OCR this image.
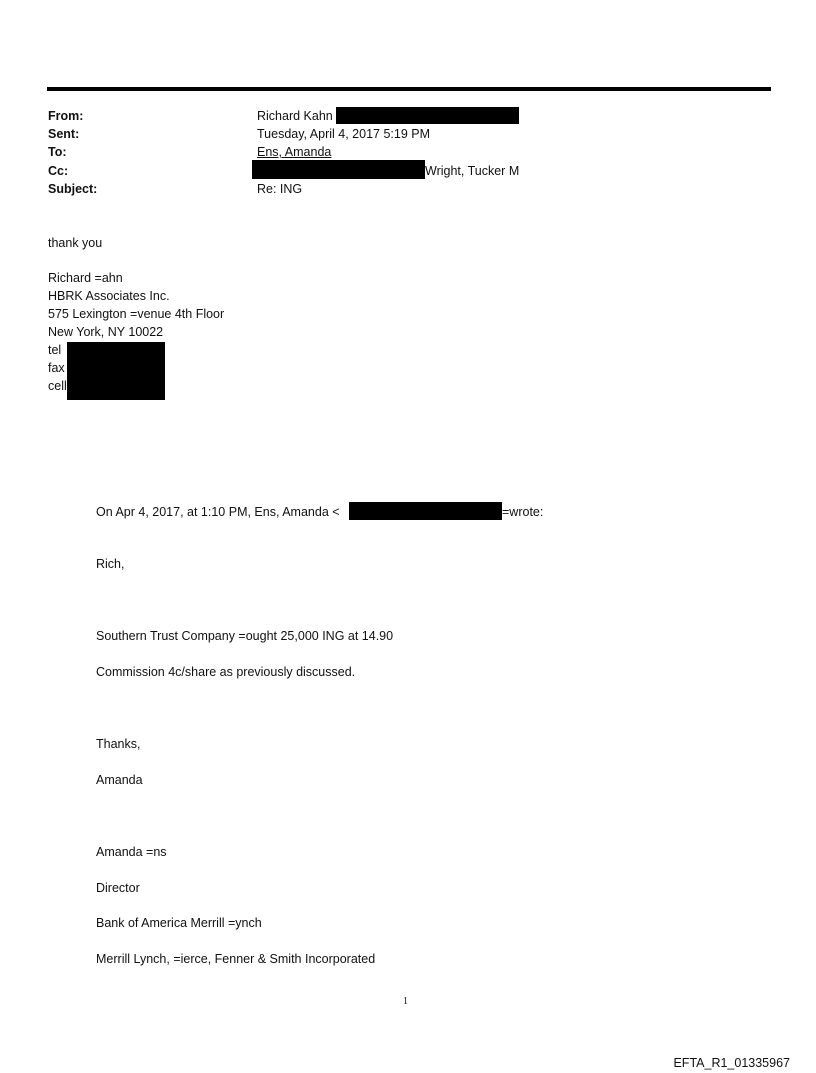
From:	Richard Kahn
Sent:	Tuesday, April 4, 2017 5:19 PM
To:	Ens, Amanda
Cc:	Wright, Tucker M
Subject:	Re: ING
thank you
Richard =ahn
HBRK Associates Inc.
575 Lexington =venue 4th Floor
New York, NY 10022
tel
fax
cell
On Apr 4, 2017, at 1:10 PM, Ens, Amanda <	=wrote:
Rich,
Southern Trust Company =ought 25,000 ING at 14.90
Commission 4c/share as previously discussed.
Thanks,
Amanda
Amanda =ns
Director
Bank of America Merrill =ynch
Merrill Lynch, =ierce, Fenner & Smith Incorporated
1
EFTA_R1_01335967
